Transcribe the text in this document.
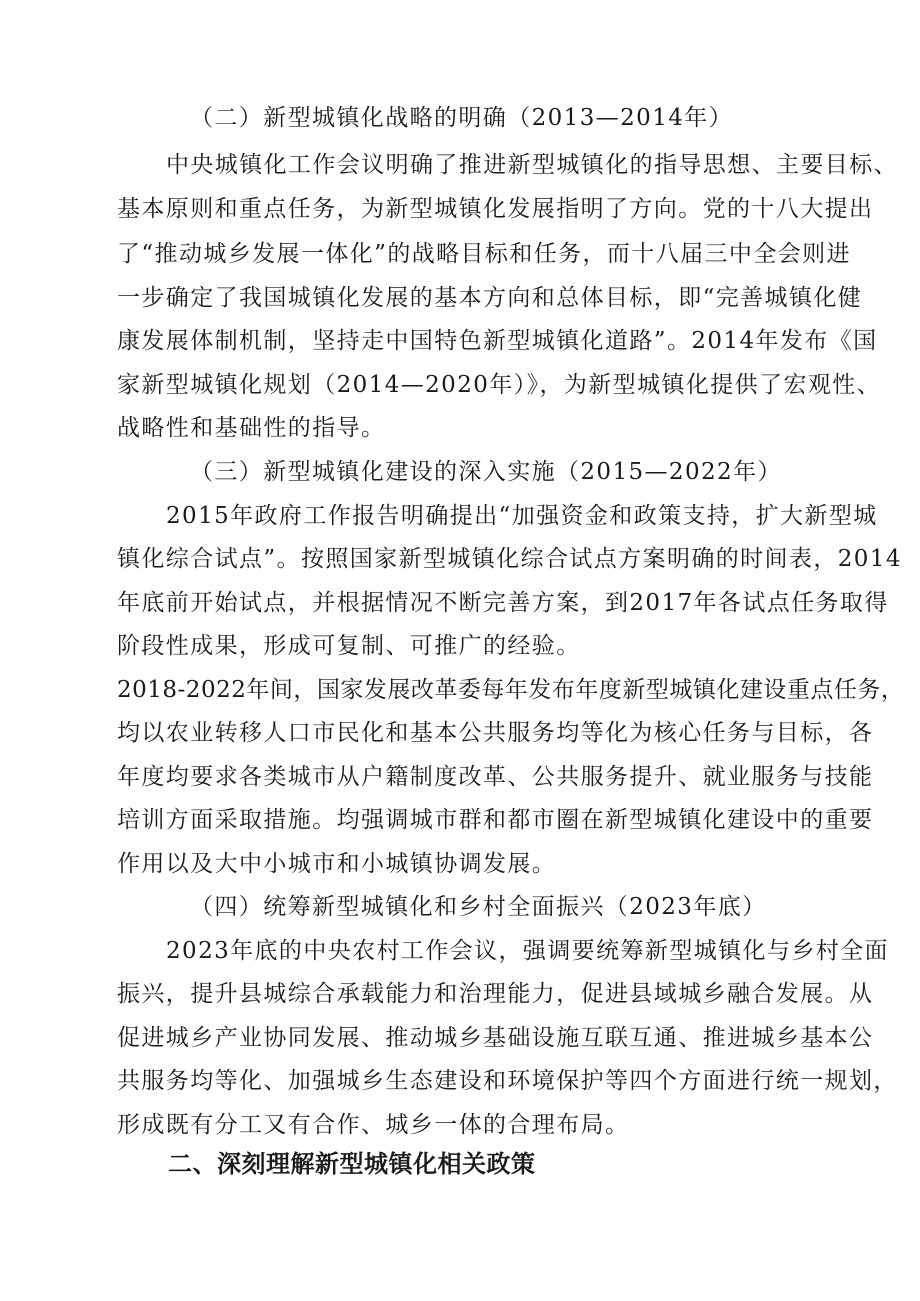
（二）新型城镇化战略的明确（2013—2014年）
中央城镇化工作会议明确了推进新型城镇化的指导思想、主要目标、
基本原则和重点任务，为新型城镇化发展指明了方向。党的十八大提出
了“推动城乡发展一体化”的战略目标和任务，而十八届三中全会则进
一步确定了我国城镇化发展的基本方向和总体目标，即“完善城镇化健
康发展体制机制，坚持走中国特色新型城镇化道路”。2014年发布《国
家新型城镇化规划（2014—2020年）》，为新型城镇化提供了宏观性、
战略性和基础性的指导。
（三）新型城镇化建设的深入实施（2015—2022年）
2015年政府工作报告明确提出“加强资金和政策支持，扩大新型城
镇化综合试点”。按照国家新型城镇化综合试点方案明确的时间表，2014
年底前开始试点，并根据情况不断完善方案，到2017年各试点任务取得
阶段性成果，形成可复制、可推广的经验。
2018-2022年间，国家发展改革委每年发布年度新型城镇化建设重点任务，
均以农业转移人口市民化和基本公共服务均等化为核心任务与目标，各
年度均要求各类城市从户籍制度改革、公共服务提升、就业服务与技能
培训方面采取措施。均强调城市群和都市圈在新型城镇化建设中的重要
作用以及大中小城市和小城镇协调发展。
（四）统筹新型城镇化和乡村全面振兴（2023年底）
2023年底的中央农村工作会议，强调要统筹新型城镇化与乡村全面
振兴，提升县城综合承载能力和治理能力，促进县域城乡融合发展。从
促进城乡产业协同发展、推动城乡基础设施互联互通、推进城乡基本公
共服务均等化、加强城乡生态建设和环境保护等四个方面进行统一规划，
形成既有分工又有合作、城乡一体的合理布局。
二、深刻理解新型城镇化相关政策
